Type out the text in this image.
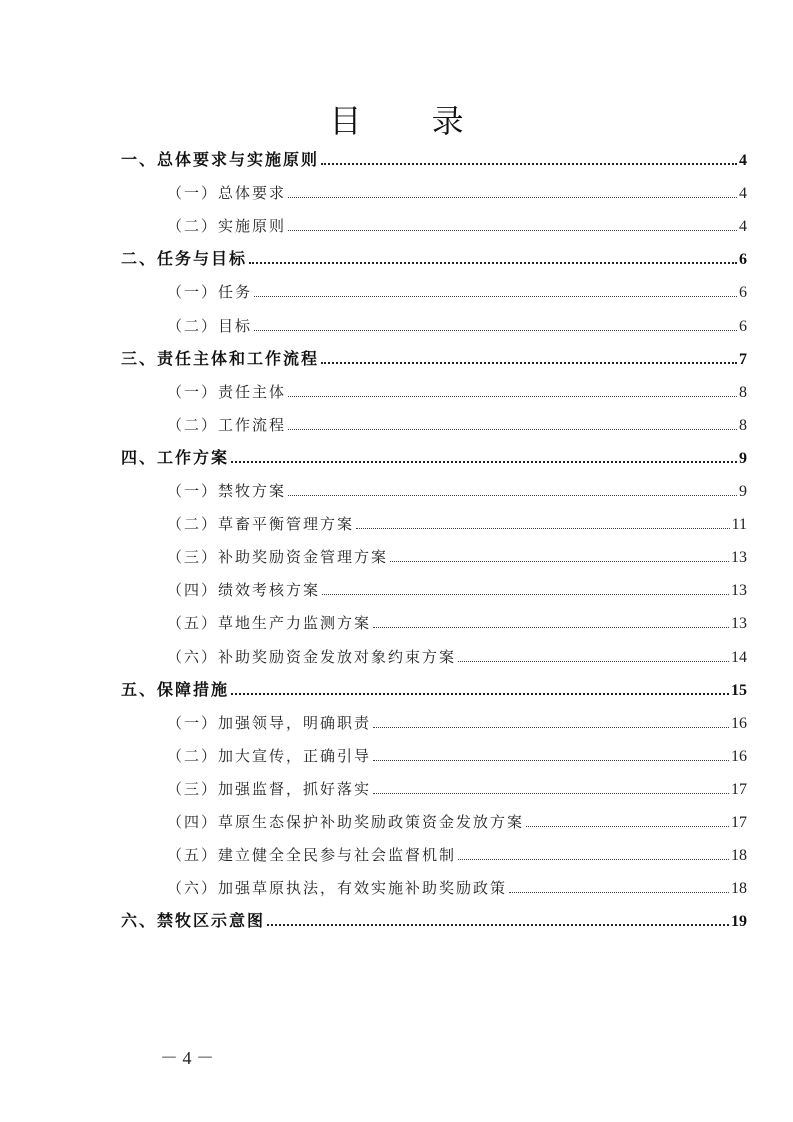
目 录
一、总体要求与实施原则	4
（一）总体要求	4
（二）实施原则	4
二、任务与目标	6
（一）任务	6
（二）目标	6
三、责任主体和工作流程	7
（一）责任主体	8
（二）工作流程	8
四、工作方案	9
（一）禁牧方案	9
（二）草畜平衡管理方案	11
（三）补助奖励资金管理方案	13
（四）绩效考核方案	13
（五）草地生产力监测方案	13
（六）补助奖励资金发放对象约束方案	14
五、保障措施	15
（一）加强领导，明确职责	16
（二）加大宣传，正确引导	16
（三）加强监督，抓好落实	17
（四）草原生态保护补助奖励政策资金发放方案	17
（五）建立健全全民参与社会监督机制	18
（六）加强草原执法，有效实施补助奖励政策	18
六、禁牧区示意图	19
－ 4 －
